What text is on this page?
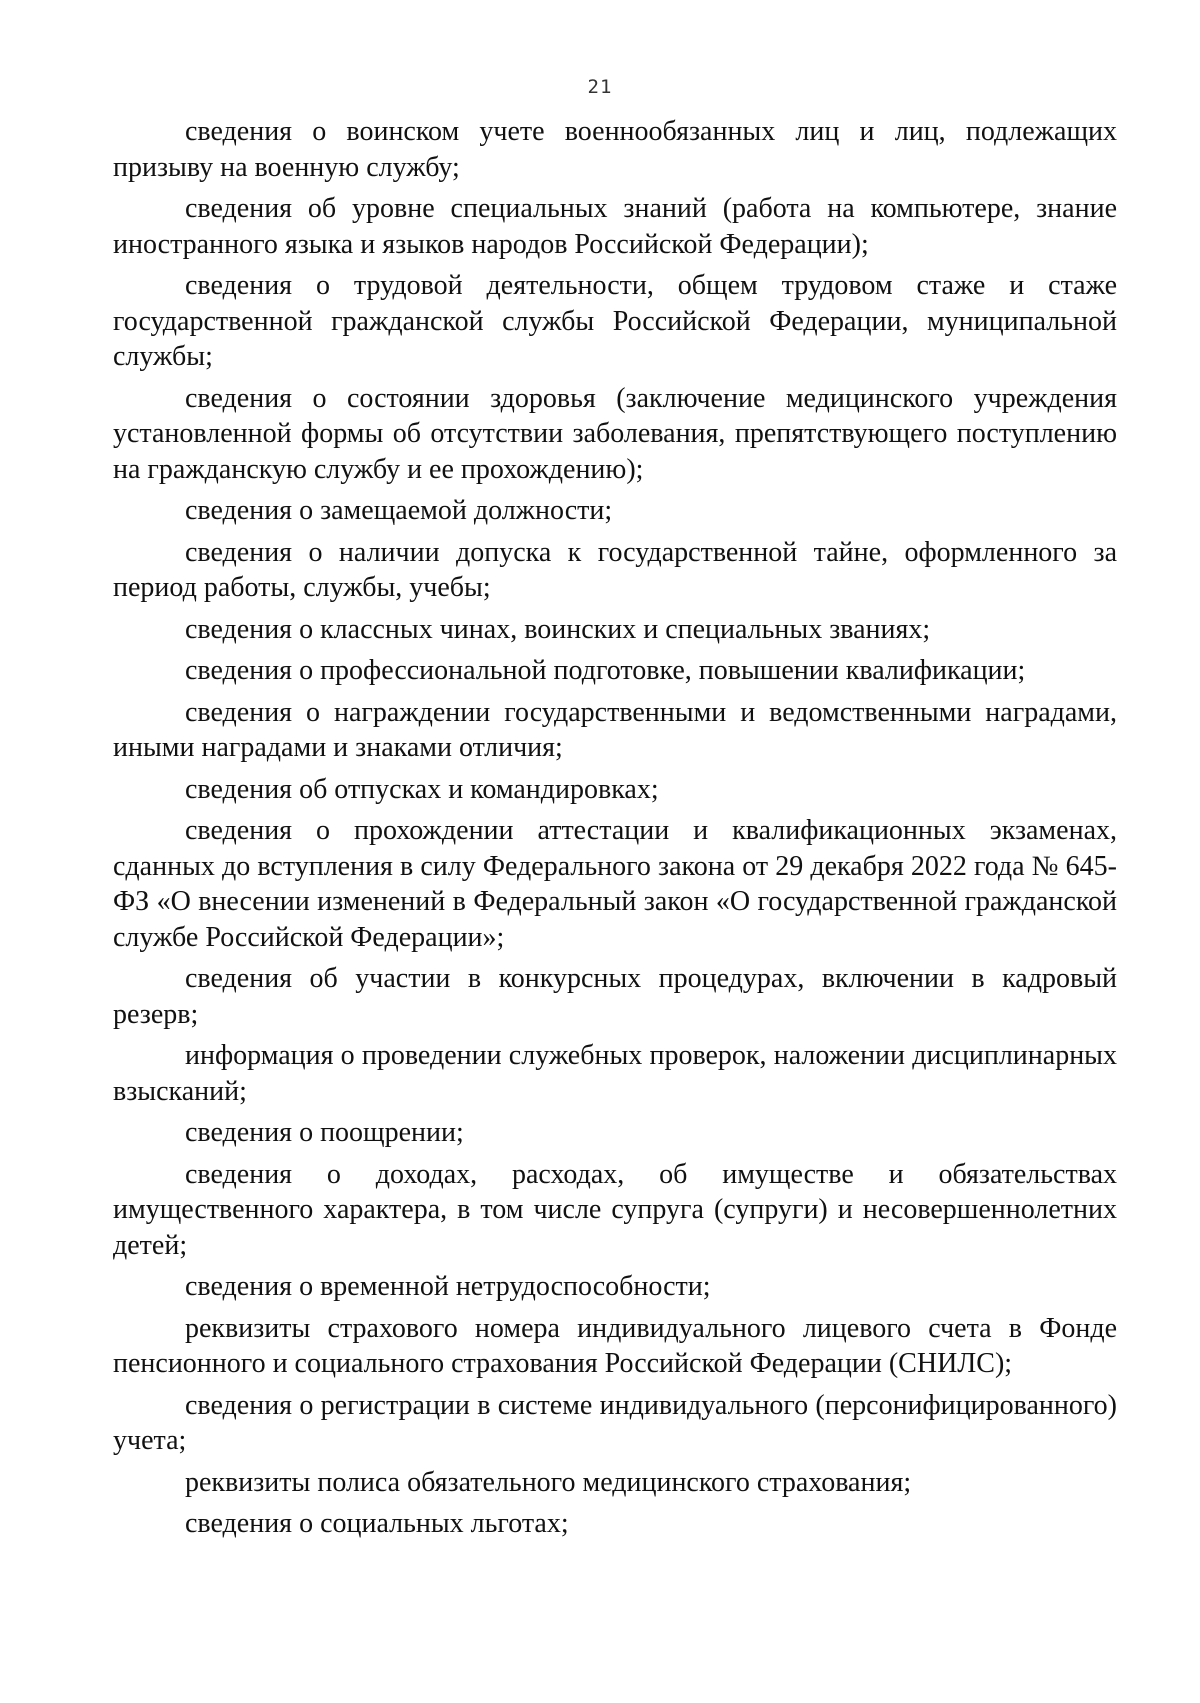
21

сведения о воинском учете военнообязанных лиц и лиц, подлежащих призыву на военную службу;

сведения об уровне специальных знаний (работа на компьютере, знание иностранного языка и языков народов Российской Федерации);

сведения о трудовой деятельности, общем трудовом стаже и стаже государственной гражданской службы Российской Федерации, муниципальной службы;

сведения о состоянии здоровья (заключение медицинского учреждения установленной формы об отсутствии заболевания, препятствующего поступлению на гражданскую службу и ее прохождению);

сведения о замещаемой должности;

сведения о наличии допуска к государственной тайне, оформленного за период работы, службы, учебы;

сведения о классных чинах, воинских и специальных званиях;

сведения о профессиональной подготовке, повышении квалификации;

сведения о награждении государственными и ведомственными наградами, иными наградами и знаками отличия;

сведения об отпусках и командировках;

сведения о прохождении аттестации и квалификационных экзаменах, сданных до вступления в силу Федерального закона от 29 декабря 2022 года № 645-ФЗ «О внесении изменений в Федеральный закон «О государственной гражданской службе Российской Федерации»;

сведения об участии в конкурсных процедурах, включении в кадровый резерв;

информация о проведении служебных проверок, наложении дисциплинарных взысканий;

сведения о поощрении;

сведения о доходах, расходах, об имуществе и обязательствах имущественного характера, в том числе супруга (супруги) и несовершеннолетних детей;

сведения о временной нетрудоспособности;

реквизиты страхового номера индивидуального лицевого счета в Фонде пенсионного и социального страхования Российской Федерации (СНИЛС);

сведения о регистрации в системе индивидуального (персонифицированного) учета;

реквизиты полиса обязательного медицинского страхования;

сведения о социальных льготах;
